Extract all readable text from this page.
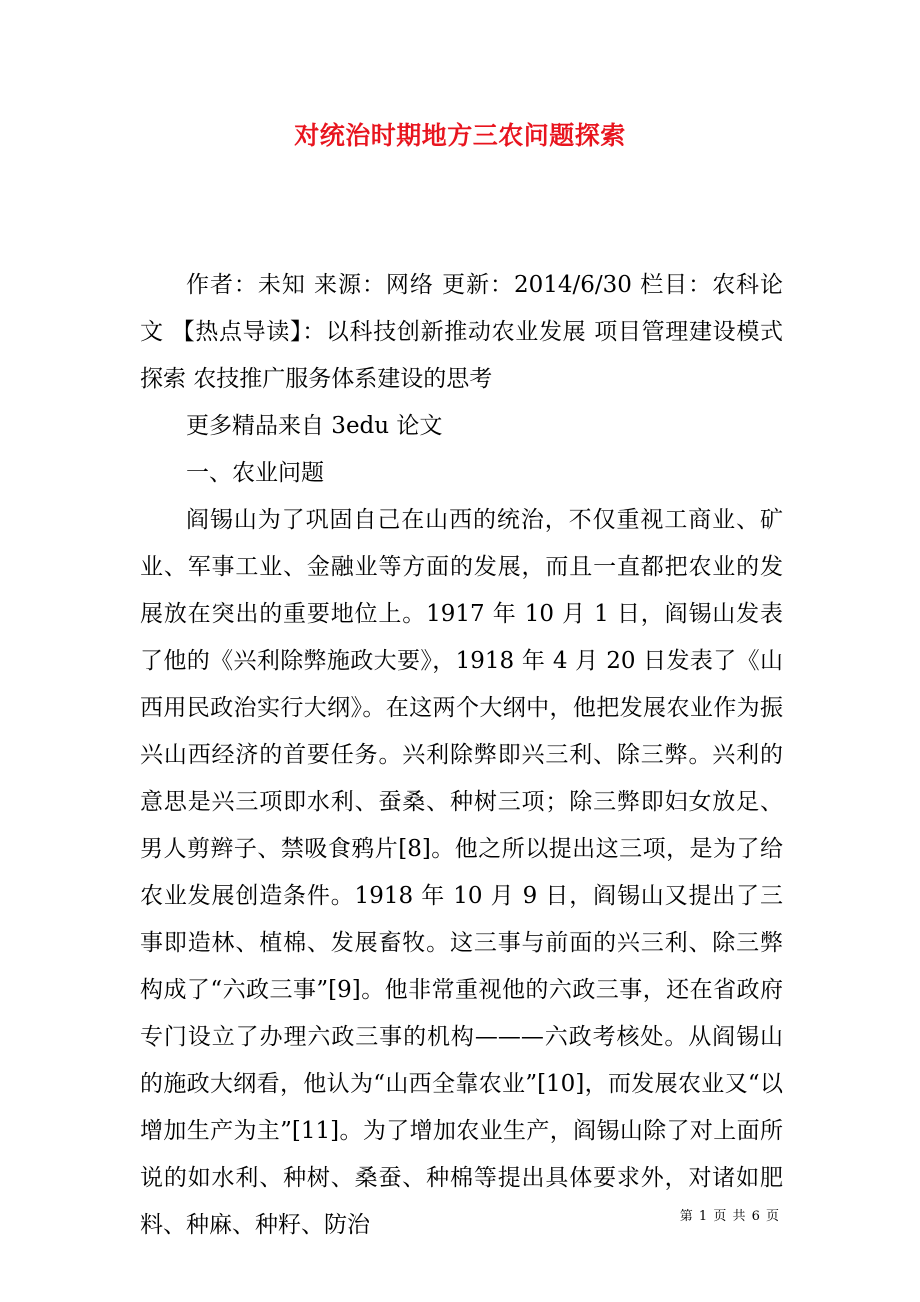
对统治时期地方三农问题探索

作者：未知 来源：网络 更新：2014/6/30 栏目：农科论文 【热点导读】：以科技创新推动农业发展 项目管理建设模式探索 农技推广服务体系建设的思考

更多精品来自 3edu 论文

一、农业问题

阎锡山为了巩固自己在山西的统治，不仅重视工商业、矿业、军事工业、金融业等方面的发展，而且一直都把农业的发展放在突出的重要地位上。1917 年 10 月 1 日，阎锡山发表了他的《兴利除弊施政大要》，1918 年 4 月 20 日发表了《山西用民政治实行大纲》。在这两个大纲中，他把发展农业作为振兴山西经济的首要任务。兴利除弊即兴三利、除三弊。兴利的意思是兴三项即水利、蚕桑、种树三项；除三弊即妇女放足、男人剪辫子、禁吸食鸦片[8]。他之所以提出这三项，是为了给农业发展创造条件。1918 年 10 月 9 日，阎锡山又提出了三事即造林、植棉、发展畜牧。这三事与前面的兴三利、除三弊构成了“六政三事”[9]。他非常重视他的六政三事，还在省政府专门设立了办理六政三事的机构———六政考核处。从阎锡山的施政大纲看，他认为“山西全靠农业”[10]，而发展农业又“以增加生产为主”[11]。为了增加农业生产，阎锡山除了对上面所说的如水利、种树、桑蚕、种棉等提出具体要求外，对诸如肥料、种麻、种籽、防治	第 1 页 共 6 页
